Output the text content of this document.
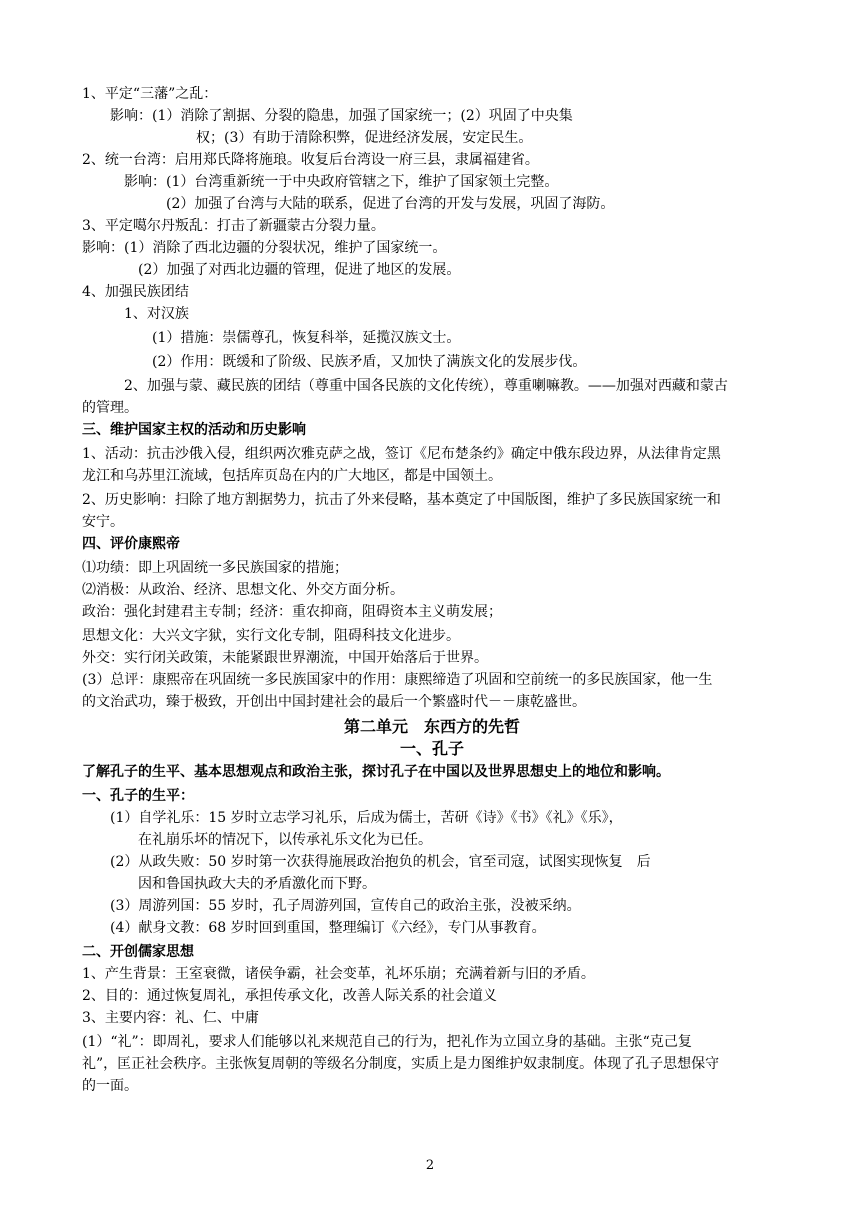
1、平定“三藩”之乱：
影响：(1）消除了割据、分裂的隐患，加强了国家统一；(2）巩固了中央集
权；(3）有助于清除积弊，促进经济发展，安定民生。
2、统一台湾：启用郑氏降将施琅。收复后台湾设一府三县，隶属福建省。
影响：(1）台湾重新统一于中央政府管辖之下，维护了国家领土完整。
(2）加强了台湾与大陆的联系，促进了台湾的开发与发展，巩固了海防。
3、平定噶尔丹叛乱：打击了新疆蒙古分裂力量。
影响：(1）消除了西北边疆的分裂状况，维护了国家统一。
(2）加强了对西北边疆的管理，促进了地区的发展。
4、加强民族团结
1、对汉族
(1）措施：崇儒尊孔，恢复科举，延揽汉族文士。
(2）作用：既缓和了阶级、民族矛盾，又加快了满族文化的发展步伐。
2、加强与蒙、藏民族的团结（尊重中国各民族的文化传统），尊重喇嘛教。——加强对西藏和蒙古
的管理。
三、维护国家主权的活动和历史影响
1、活动：抗击沙俄入侵，组织两次雅克萨之战，签订《尼布楚条约》确定中俄东段边界，从法律肯定黑
龙江和乌苏里江流域，包括库页岛在内的广大地区，都是中国领土。
2、历史影响：扫除了地方割据势力，抗击了外来侵略，基本奠定了中国版图，维护了多民族国家统一和
安宁。
四、评价康熙帝
⑴功绩：即上巩固统一多民族国家的措施；
⑵消极：从政治、经济、思想文化、外交方面分析。
政治：强化封建君主专制；经济：重农抑商，阻碍资本主义萌发展；
思想文化：大兴文字狱，实行文化专制，阻碍科技文化进步。
外交：实行闭关政策，未能紧跟世界潮流，中国开始落后于世界。
(3）总评：康熙帝在巩固统一多民族国家中的作用：康熙缔造了巩固和空前统一的多民族国家，他一生
的文治武功，臻于极致，开创出中国封建社会的最后一个繁盛时代－－康乾盛世。
第二单元　东西方的先哲
一、孔子
了解孔子的生平、基本思想观点和政治主张，探讨孔子在中国以及世界思想史上的地位和影响。
一、孔子的生平：
(1）自学礼乐：15 岁时立志学习礼乐，后成为儒士，苦研《诗》《书》《礼》《乐》，
在礼崩乐坏的情况下，以传承礼乐文化为已任。
(2）从政失败：50 岁时第一次获得施展政治抱负的机会，官至司寇，试图实现恢复　后
因和鲁国执政大夫的矛盾激化而下野。
(3）周游列国：55 岁时，孔子周游列国，宣传自己的政治主张，没被采纳。
(4）献身文教：68 岁时回到重国，整理编订《六经》，专门从事教育。
二、开创儒家思想
1、产生背景：王室衰微，诸侯争霸，社会变革，礼坏乐崩；充满着新与旧的矛盾。
2、目的：通过恢复周礼，承担传承文化，改善人际关系的社会道义
3、主要内容：礼、仁、中庸
(1）“礼”：即周礼，要求人们能够以礼来规范自己的行为，把礼作为立国立身的基础。主张“克己复
礼”，匡正社会秩序。主张恢复周朝的等级名分制度，实质上是力图维护奴隶制度。体现了孔子思想保守
的一面。
2
